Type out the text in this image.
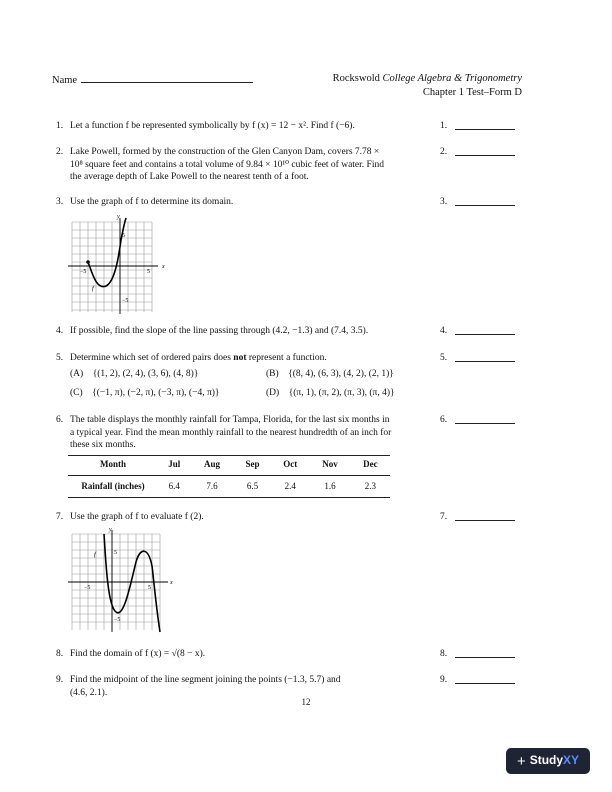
Name	Rockswold College Algebra & Trigonometry
Chapter 1 Test–Form D
1. Let a function f be represented symbolically by f (x) = 12 − x². Find f (−6).	1.
2. Lake Powell, formed by the construction of the Glen Canyon Dam, covers 7.78 × 10⁸ square feet and contains a total volume of 9.84 × 10¹⁰ cubic feet of water. Find the average depth of Lake Powell to the nearest tenth of a foot.
2.
3. Use the graph of f to determine its domain.	3.
x
y
5
−5	5
−5
f
4. If possible, find the slope of the line passing through (4.2, −1.3) and (7.4, 3.5).	4.
5. Determine which set of ordered pairs does not represent a function.	5.
(A) {(1, 2), (2, 4), (3, 6), (4, 8)}	(B) {(8, 4), (6, 3), (4, 2), (2, 1)}
(C) {(−1, π), (−2, π), (−3, π), (−4, π)}	(D) {(π, 1), (π, 2), (π, 3), (π, 4)}
6. The table displays the monthly rainfall for Tampa, Florida, for the last six months in a typical year. Find the mean monthly rainfall to the nearest hundredth of an inch for these six months.
6.
Month	Jul	Aug	Sep	Oct	Nov	Dec
Rainfall (inches)	6.4	7.6	6.5	2.4	1.6	2.3
7. Use the graph of f to evaluate f (2).	7.
x
y
5
−5	5
−5
f
8. Find the domain of f (x) = √(8 − x).	8.
9. Find the midpoint of the line segment joining the points (−1.3, 5.7) and (4.6, 2.1).
9.
12
+ StudyXY
